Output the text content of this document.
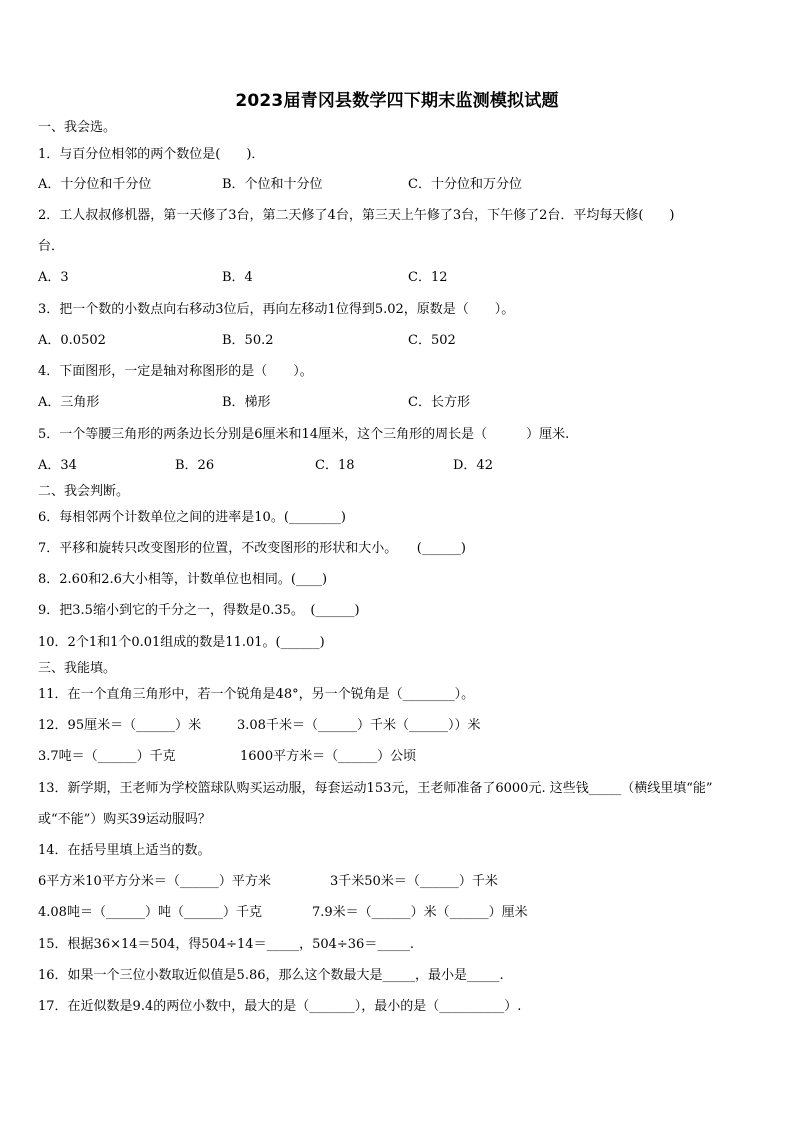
2023届青冈县数学四下期末监测模拟试题
一、我会选。
1．与百分位相邻的两个数位是(　　)．
A．十分位和千分位	B．个位和十分位	C．十分位和万分位
2．工人叔叔修机器，第一天修了3台，第二天修了4台，第三天上午修了3台，下午修了2台．平均每天修(　　)
台．
A．3	B．4	C．12
3．把一个数的小数点向右移动3位后，再向左移动1位得到5.02，原数是（　　）。
A．0.0502	B．50.2	C．502
4．下面图形，一定是轴对称图形的是（　　）。
A．三角形	B．梯形	C．长方形
5．一个等腰三角形的两条边长分别是6厘米和14厘米，这个三角形的周长是（　　　）厘米.
A．34	B．26	C．18	D．42
二、我会判断。
6．每相邻两个计数单位之间的进率是10。(________)
7．平移和旋转只改变图形的位置，不改变图形的形状和大小。　　(______)
8．2.60和2.6大小相等，计数单位也相同。(____)
9．把3.5缩小到它的千分之一，得数是0.35。　(______)
10．2个1和1个0.01组成的数是11.01。(______)
三、我能填。
11．在一个直角三角形中，若一个锐角是48°，另一个锐角是（________）。
12．95厘米＝（______）米	3.08千米＝（______）千米（______））米
3.7吨＝（______）千克	1600平方米＝（______）公顷
13．新学期，王老师为学校篮球队购买运动服，每套运动153元，王老师准备了6000元. 这些钱_____（横线里填“能”
或“不能”）购买39运动服吗？
14．在括号里填上适当的数。
6平方米10平方分米＝（______）平方米	3千米50米＝（______）千米
4.08吨＝（______）吨（______）千克	7.9米＝（______）米（______）厘米
15．根据36×14＝504，得504÷14＝_____，504÷36＝_____.
16．如果一个三位小数取近似值是5.86，那么这个数最大是_____，最小是_____.
17．在近似数是9.4的两位小数中，最大的是（_______），最小的是（__________）.
